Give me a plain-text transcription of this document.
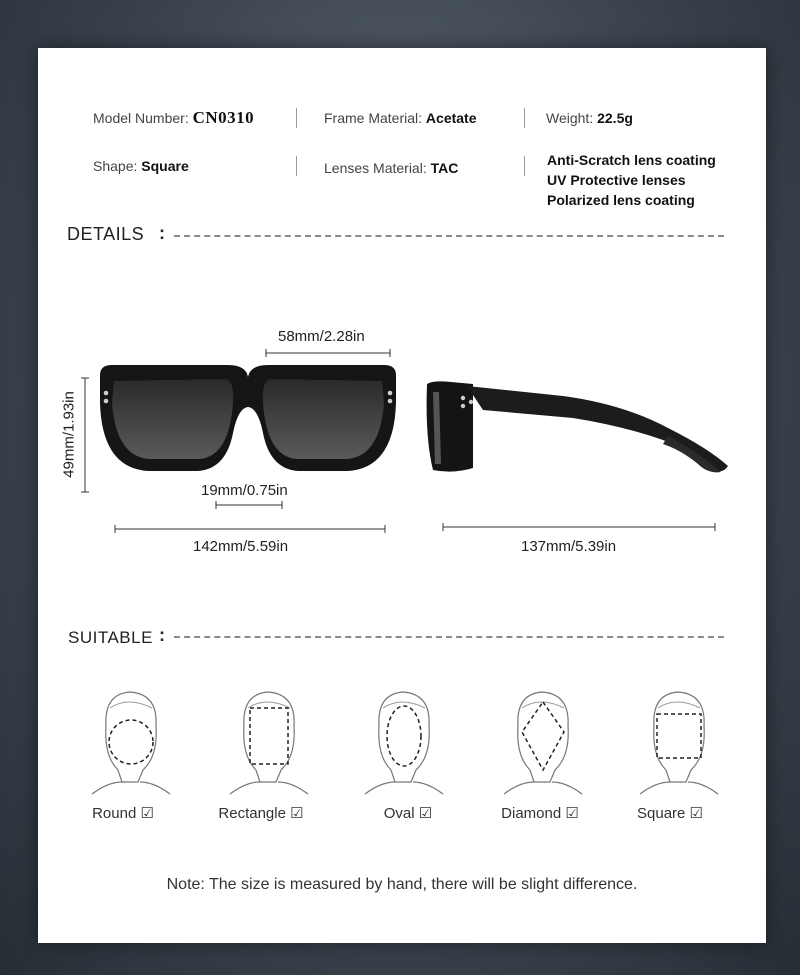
Model Number: CN0310	Frame Material: Acetate	Weight: 22.5g
Shape: Square	Lenses Material: TAC	Anti-Scratch lens coating
UV Protective lenses
Polarized lens coating
DETAILS :
58mm/2.28in
49mm/1.93in
19mm/0.75in
142mm/5.59in	137mm/5.39in
SUITABLE :
Round ☑	Rectangle ☑	Oval ☑	Diamond ☑	Square ☑
Note: The size is measured by hand, there will be slight difference.
